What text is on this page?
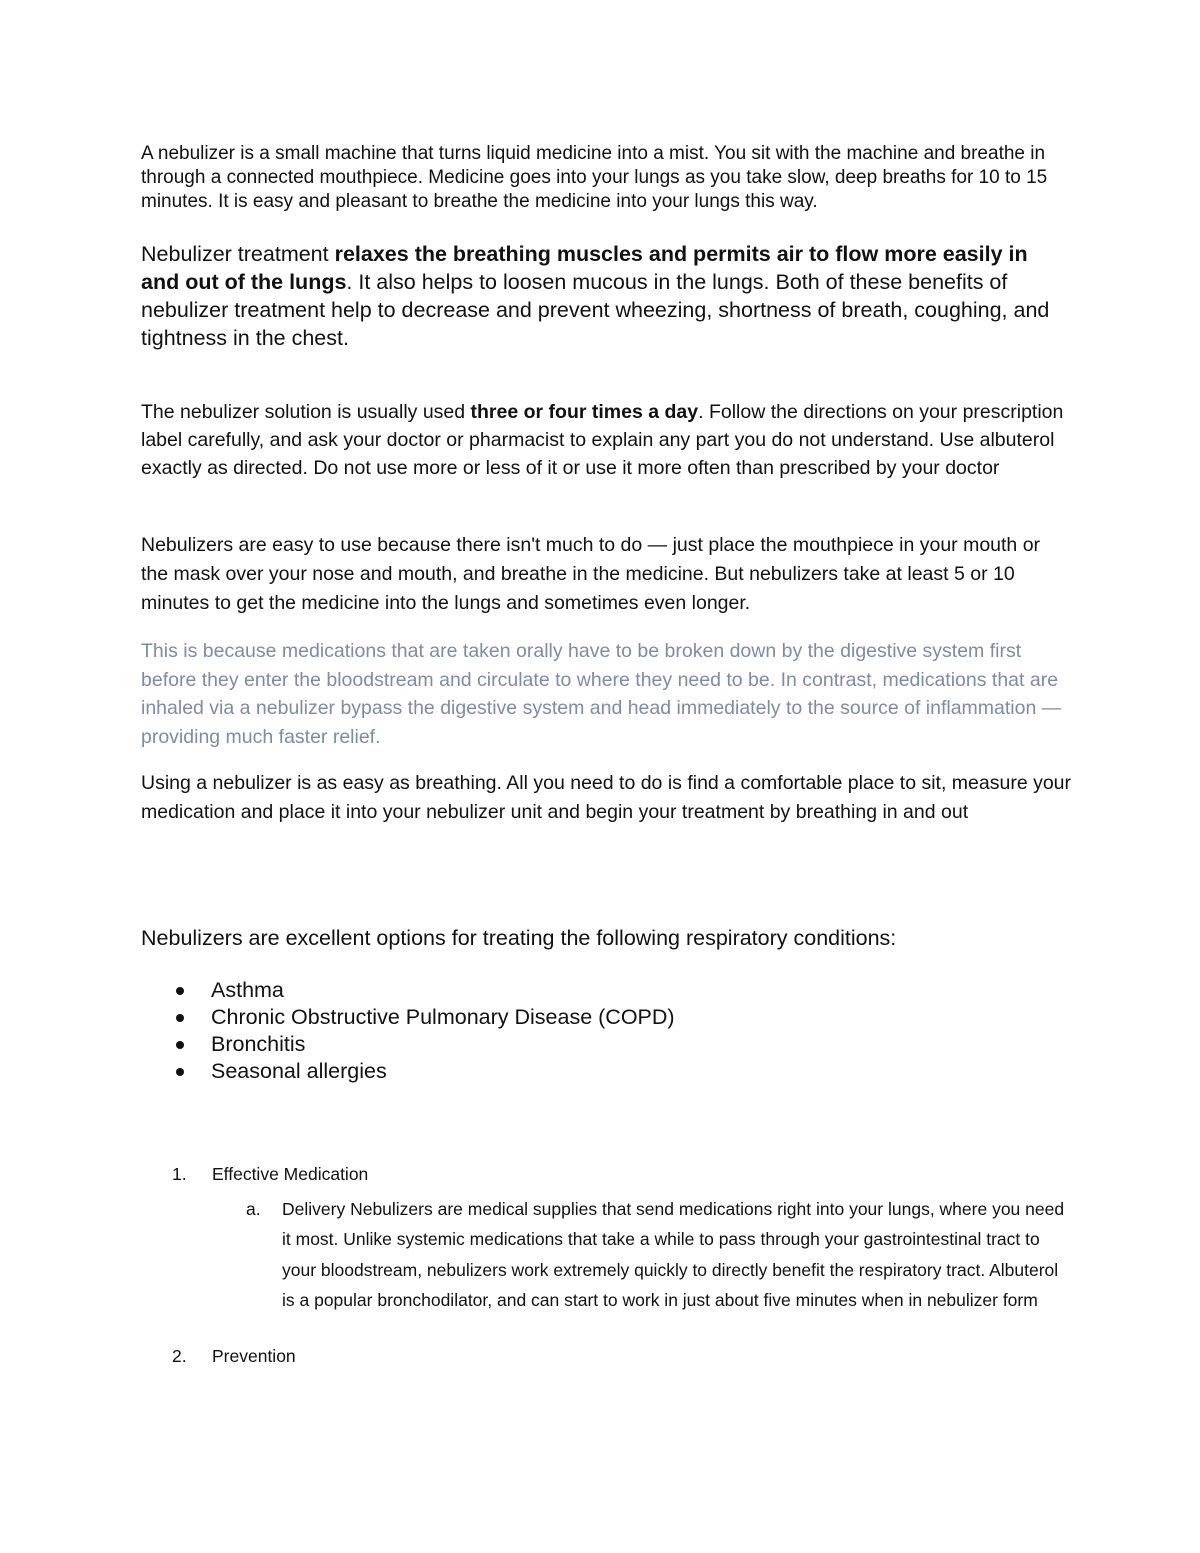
A nebulizer is a small machine that turns liquid medicine into a mist. You sit with the machine and breathe in through a connected mouthpiece. Medicine goes into your lungs as you take slow, deep breaths for 10 to 15 minutes. It is easy and pleasant to breathe the medicine into your lungs this way.

Nebulizer treatment relaxes the breathing muscles and permits air to flow more easily in and out of the lungs. It also helps to loosen mucous in the lungs. Both of these benefits of nebulizer treatment help to decrease and prevent wheezing, shortness of breath, coughing, and tightness in the chest.

The nebulizer solution is usually used three or four times a day. Follow the directions on your prescription label carefully, and ask your doctor or pharmacist to explain any part you do not understand. Use albuterol exactly as directed. Do not use more or less of it or use it more often than prescribed by your doctor

Nebulizers are easy to use because there isn't much to do — just place the mouthpiece in your mouth or the mask over your nose and mouth, and breathe in the medicine. But nebulizers take at least 5 or 10 minutes to get the medicine into the lungs and sometimes even longer.

This is because medications that are taken orally have to be broken down by the digestive system first before they enter the bloodstream and circulate to where they need to be. In contrast, medications that are inhaled via a nebulizer bypass the digestive system and head immediately to the source of inflammation — providing much faster relief.

Using a nebulizer is as easy as breathing. All you need to do is find a comfortable place to sit, measure your medication and place it into your nebulizer unit and begin your treatment by breathing in and out

Nebulizers are excellent options for treating the following respiratory conditions:

Asthma
Chronic Obstructive Pulmonary Disease (COPD)
Bronchitis
Seasonal allergies
1. Effective Medication
a. Delivery Nebulizers are medical supplies that send medications right into your lungs, where you need it most. Unlike systemic medications that take a while to pass through your gastrointestinal tract to your bloodstream, nebulizers work extremely quickly to directly benefit the respiratory tract. Albuterol is a popular bronchodilator, and can start to work in just about five minutes when in nebulizer form
2. Prevention
